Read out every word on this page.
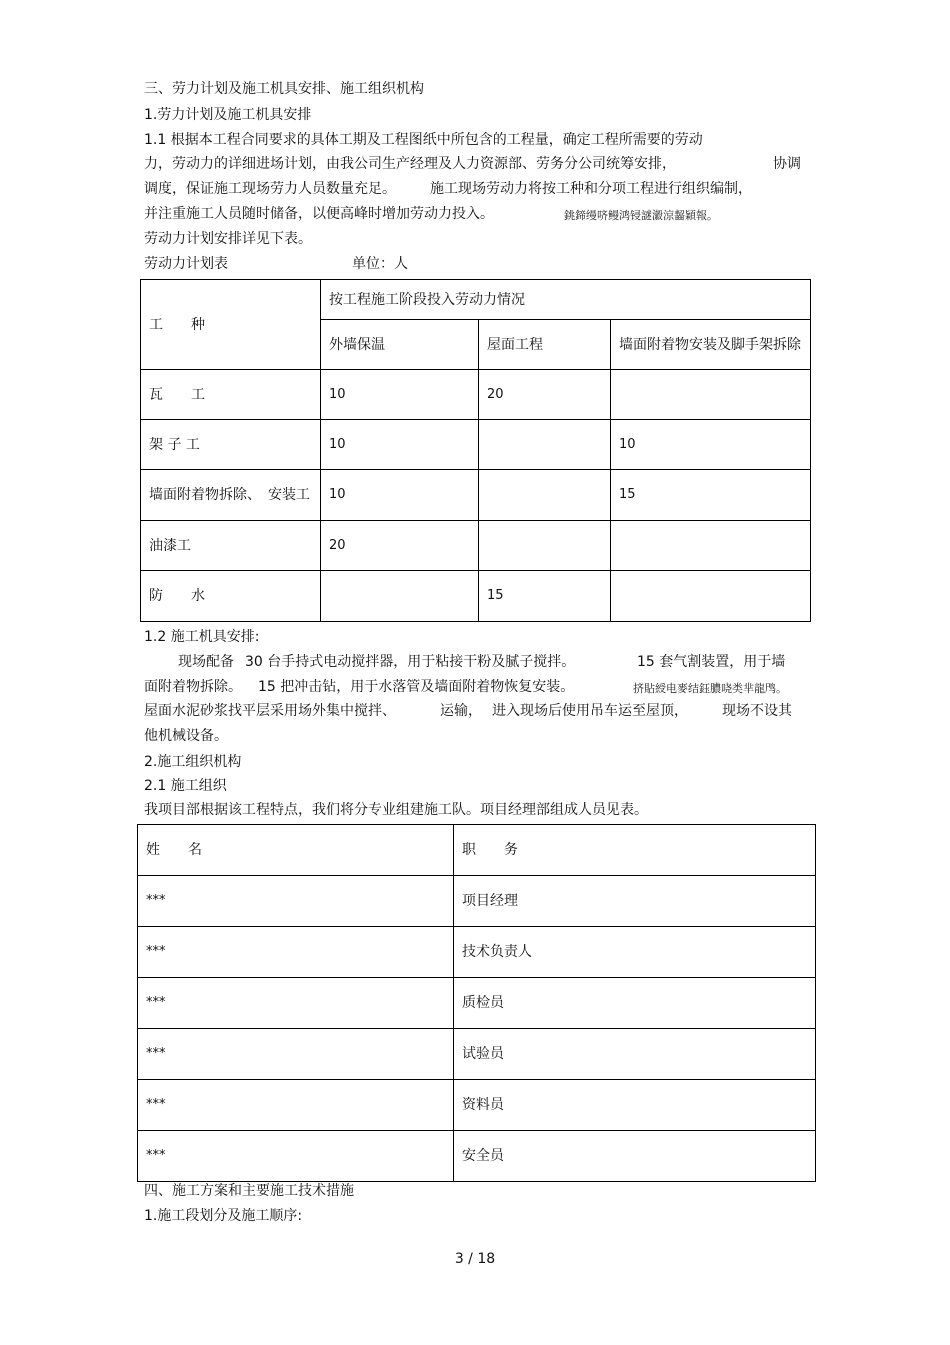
三、劳力计划及施工机具安排、施工组织机构
1.劳力计划及施工机具安排
1.1 根据本工程合同要求的具体工期及工程图纸中所包含的工程量，确定工程所需要的劳动
力，劳动力的详细进场计划，由我公司生产经理及人力资源部、劳务分公司统筹安排，	协调
调度，保证施工现场劳力人员数量充足。 施工现场劳动力将按工种和分项工程进行组织编制，
并注重施工人员随时储备，以便高峰时增加劳动力投入。	銚鍗缦哜鳗鸿锓謎瀫涼齧穎報。
劳动力计划安排详见下表。
劳动力计划表	单位：人
工　　种	按工程施工阶段投入劳动力情况		
	外墙保温	屋面工程	墙面附着物安装及脚手架拆除
瓦　　工	10	20	
架 子 工	10		10
墙面附着物拆除、　安装工	10		15
油漆工	20		
防　　水		15	
1.2 施工机具安排:
现场配备 30 台手持式电动搅拌器，用于粘接干粉及腻子搅拌。	15 套气割装置，用于墙
面附着物拆除。 15 把冲击钻，用于水落管及墙面附着物恢复安装。	挤貼綬电麥结鈺膿哓类芈龍鸤。
屋面水泥砂浆找平层采用场外集中搅拌、	运输， 进入现场后使用吊车运至屋顶， 现场不设其
他机械设备。
2.施工组织机构
2.1 施工组织
我项目部根据该工程特点，我们将分专业组建施工队。项目经理部组成人员见表。
姓　　名	职　　务
***	项目经理
***	技术负责人
***	质检员
***	试验员
***	资料员
***	安全员
四、施工方案和主要施工技术措施
1.施工段划分及施工顺序:
3 / 18
